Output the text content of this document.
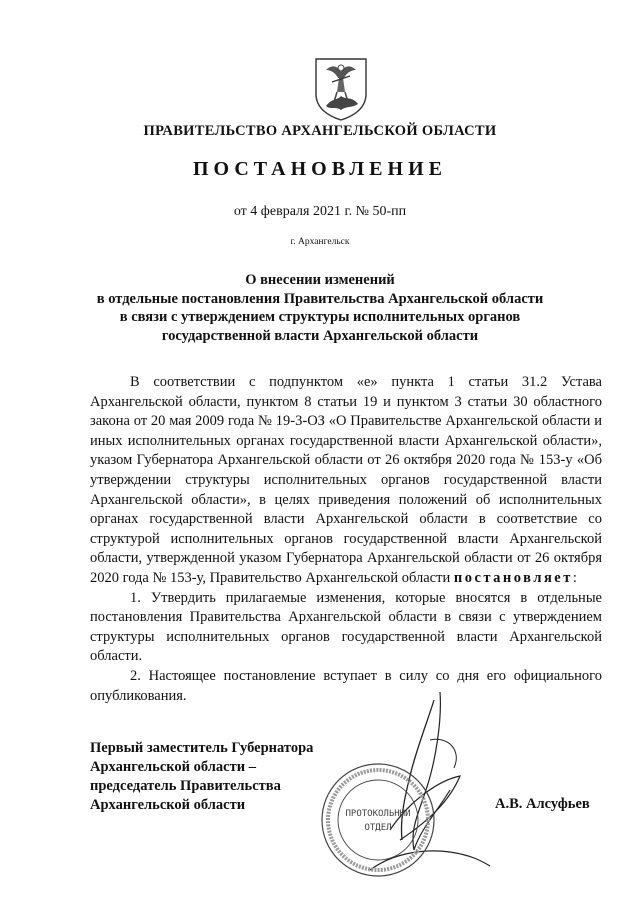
ПРАВИТЕЛЬСТВО АРХАНГЕЛЬСКОЙ ОБЛАСТИ
ПОСТАНОВЛЕНИЕ
от 4 февраля 2021 г. № 50-пп
г. Архангельск
О внесении изменений
в отдельные постановления Правительства Архангельской области
в связи с утверждением структуры исполнительных органов
государственной власти Архангельской области

В соответствии с подпунктом «е» пункта 1 статьи 31.2 Устава Архангельской области, пунктом 8 статьи 19 и пунктом 3 статьи 30 областного закона от 20 мая 2009 года № 19-3-ОЗ «О Правительстве Архангельской области и иных исполнительных органах государственной власти Архангельской области», указом Губернатора Архангельской области от 26 октября 2020 года № 153-у «Об утверждении структуры исполнительных органов государственной власти Архангельской области», в целях приведения положений об исполнительных органах государственной власти Архангельской области в соответствие со структурой исполнительных органов государственной власти Архангельской области, утвержденной указом Губернатора Архангельской области от 26 октября 2020 года № 153-у, Правительство Архангельской области постановляет:

1. Утвердить прилагаемые изменения, которые вносятся в отдельные постановления Правительства Архангельской области в связи с утверждением структуры исполнительных органов государственной власти Архангельской области.

2. Настоящее постановление вступает в силу со дня его официального опубликования.

ПРОТОКОЛЬНЫЙ
ОТДЕЛ
Первый заместитель Губернатора
Архангельской области –
председатель Правительства
Архангельской области	А.В. Алсуфьев
